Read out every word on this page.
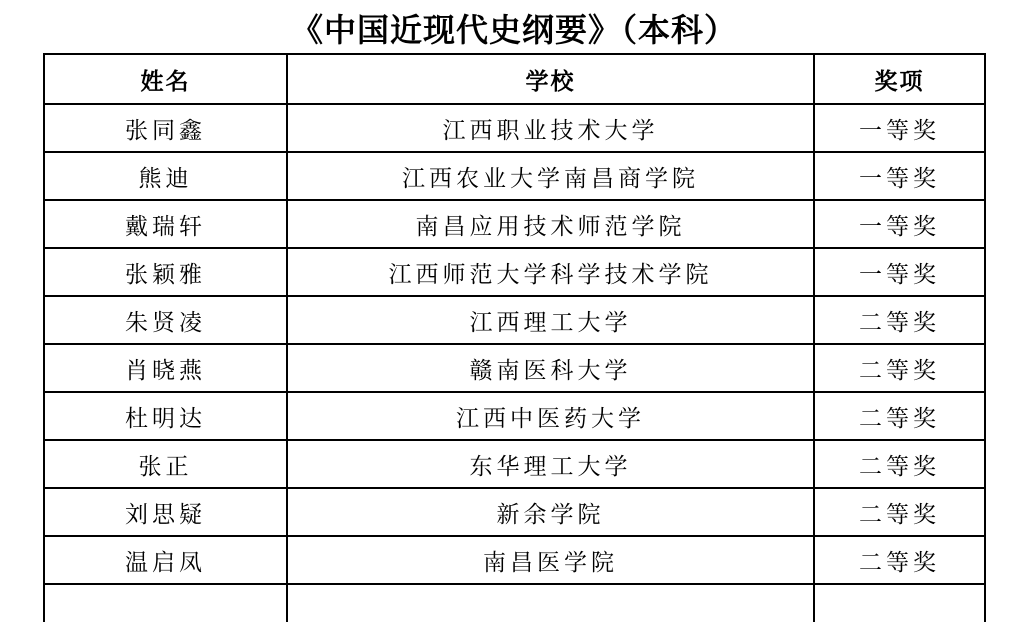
《中国近现代史纲要》（本科）
姓名	学校	奖项
张同鑫	江西职业技术大学	一等奖
熊迪	江西农业大学南昌商学院	一等奖
戴瑞轩	南昌应用技术师范学院	一等奖
张颖雅	江西师范大学科学技术学院	一等奖
朱贤凌	江西理工大学	二等奖
肖晓燕	赣南医科大学	二等奖
杜明达	江西中医药大学	二等奖
张正	东华理工大学	二等奖
刘思疑	新余学院	二等奖
温启凤	南昌医学院	二等奖
